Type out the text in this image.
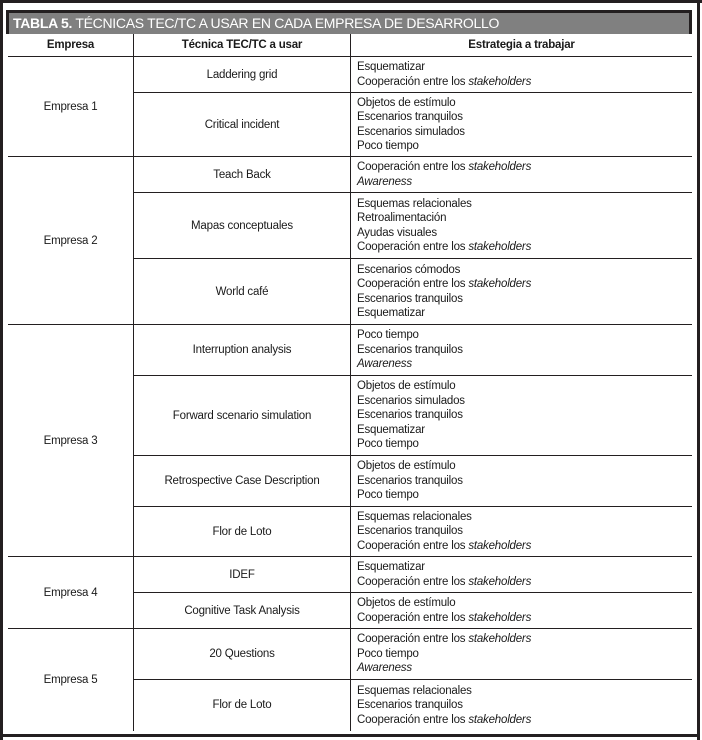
TABLA 5. TÉCNICAS TEC/TC A USAR EN CADA EMPRESA DE DESARROLLO
Empresa	Técnica TEC/TC a usar	Estrategia a trabajar
Empresa 1	Laddering grid	Esquematizar
Cooperación entre los stakeholders

	Critical incident	Objetos de estímulo
Escenarios tranquilos
Escenarios simulados
Poco tiempo

Empresa 2	Teach Back	Cooperación entre los stakeholders
Awareness

	Mapas conceptuales	Esquemas relacionales
Retroalimentación
Ayudas visuales
Cooperación entre los stakeholders

	World café	Escenarios cómodos
Cooperación entre los stakeholders
Escenarios tranquilos
Esquematizar

Empresa 3	Interruption analysis	Poco tiempo
Escenarios tranquilos
Awareness

	Forward scenario simulation	Objetos de estímulo
Escenarios simulados
Escenarios tranquilos
Esquematizar
Poco tiempo

	Retrospective Case Description	Objetos de estímulo
Escenarios tranquilos
Poco tiempo

	Flor de Loto	Esquemas relacionales
Escenarios tranquilos
Cooperación entre los stakeholders

Empresa 4	IDEF	Esquematizar
Cooperación entre los stakeholders

	Cognitive Task Analysis	Objetos de estímulo
Cooperación entre los stakeholders

Empresa 5	20 Questions	Cooperación entre los stakeholders
Poco tiempo
Awareness

	Flor de Loto	Esquemas relacionales
Escenarios tranquilos
Cooperación entre los stakeholders
